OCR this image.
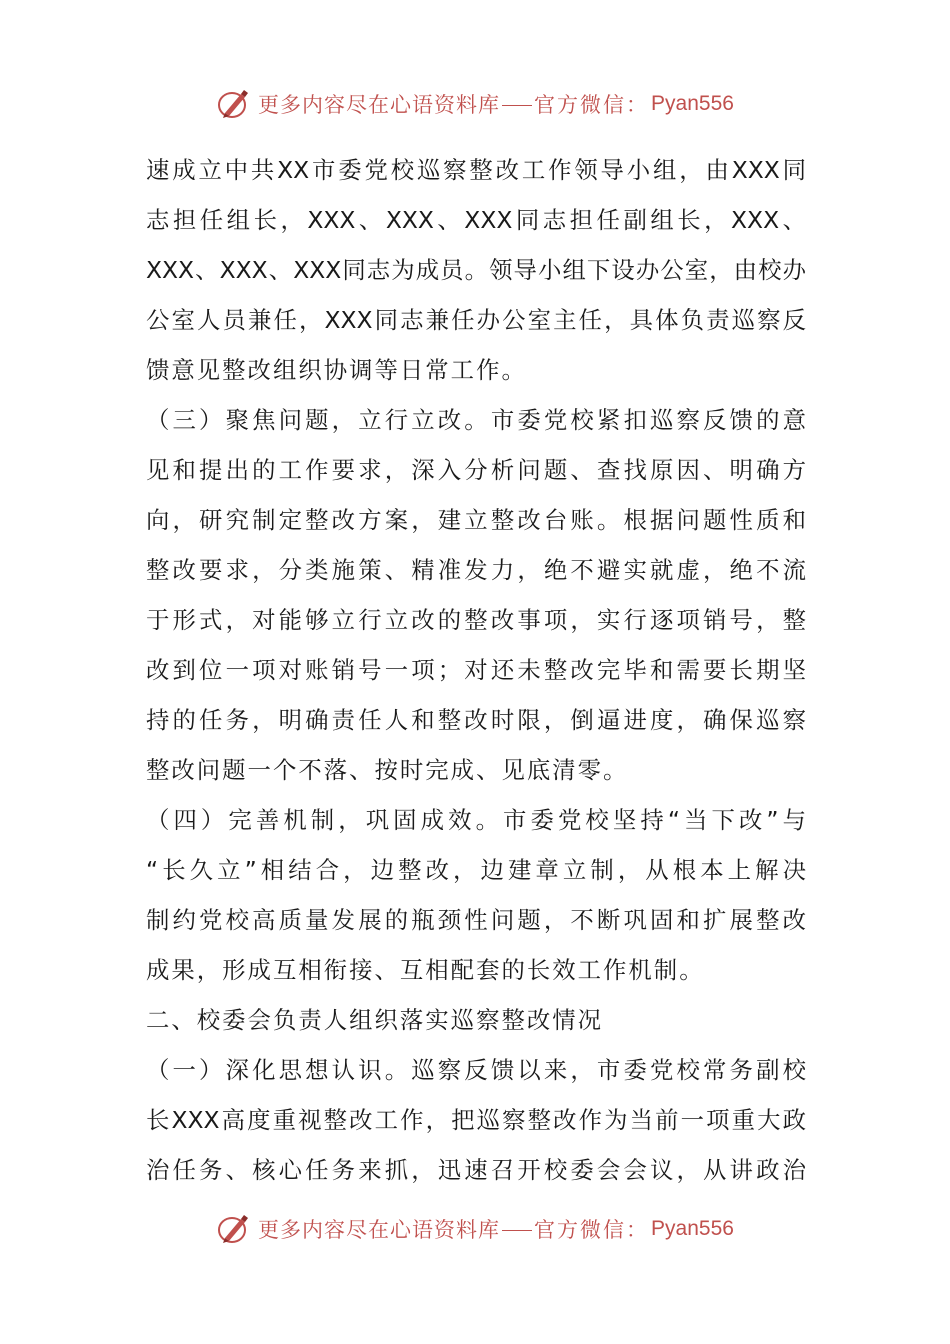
更多内容尽在心语资料库 官方微信： Pyan556
速成立中共XX市委党校巡察整改工作领导小组，由XXX同
志担任组长，XXX、XXX、XXX同志担任副组长，XXX、
XXX、XXX、XXX同志为成员。领导小组下设办公室，由校办
公室人员兼任，XXX同志兼任办公室主任，具体负责巡察反
馈意见整改组织协调等日常工作。
（三）聚焦问题，立行立改。市委党校紧扣巡察反馈的意
见和提出的工作要求，深入分析问题、查找原因、明确方
向，研究制定整改方案，建立整改台账。根据问题性质和
整改要求，分类施策、精准发力，绝不避实就虚，绝不流
于形式，对能够立行立改的整改事项，实行逐项销号，整
改到位一项对账销号一项；对还未整改完毕和需要长期坚
持的任务，明确责任人和整改时限，倒逼进度，确保巡察
整改问题一个不落、按时完成、见底清零。
（四）完善机制，巩固成效。市委党校坚持“当下改”与
“长久立”相结合，边整改，边建章立制，从根本上解决
制约党校高质量发展的瓶颈性问题，不断巩固和扩展整改
成果，形成互相衔接、互相配套的长效工作机制。
二、校委会负责人组织落实巡察整改情况
（一）深化思想认识。巡察反馈以来，市委党校常务副校
长XXX高度重视整改工作，把巡察整改作为当前一项重大政
治任务、核心任务来抓，迅速召开校委会会议，从讲政治
更多内容尽在心语资料库 官方微信： Pyan556
